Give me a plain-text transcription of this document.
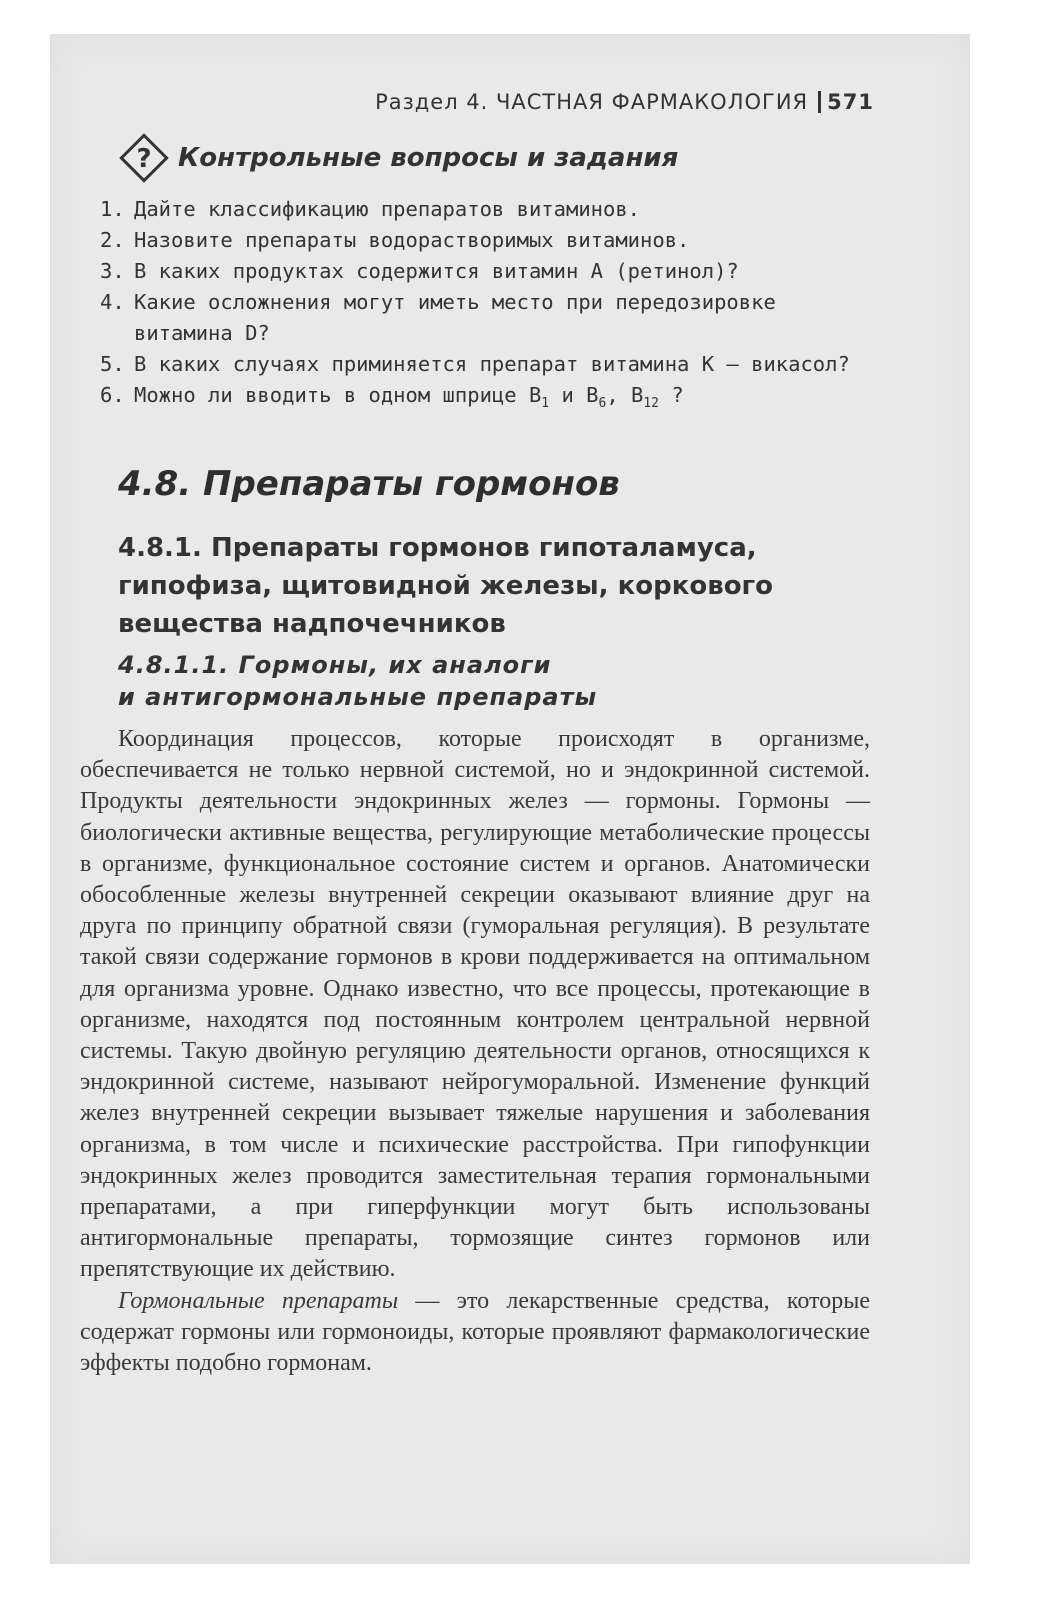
Раздел 4. ЧАСТНАЯ ФАРМАКОЛОГИЯ 571
? Контрольные вопросы и задания
1. Дайте классификацию препаратов витаминов.
2. Назовите препараты водорастворимых витаминов.
3. В каких продуктах содержится витамин А (ретинол)?
4. Какие осложнения могут иметь место при передозировке витамина D?
5. В каких случаях приминяется препарат витамина К — викасол?
6. Можно ли вводить в одном шприце $В_1$ и $В_6$, $В_{12}$ ?
4.8. Препараты гормонов
4.8.1. Препараты гормонов гипоталамуса, гипофиза, щитовидной железы, коркового вещества надпочечников
4.8.1.1. Гормоны, их аналоги
и антигормональные препараты

Координация процессов, которые происходят в организме, обеспечивается не только нервной системой, но и эндокринной системой. Продукты деятельности эндокринных желез — гормоны. Гормоны — биологически активные вещества, регулирующие метаболические процессы в организме, функциональное состояние систем и органов. Анатомически обособленные железы внутренней секреции оказывают влияние друг на друга по принципу обратной связи (гуморальная регуляция). В результате такой связи содержание гормонов в крови поддерживается на оптимальном для организма уровне. Однако известно, что все процессы, протекающие в организме, находятся под постоянным контролем центральной нервной системы. Такую двойную регуляцию деятельности органов, относящихся к эндокринной системе, называют нейрогуморальной. Изменение функций желез внутренней секреции вызывает тяжелые нарушения и заболевания организма, в том числе и психические расстройства. При гипофункции эндокринных желез проводится заместительная терапия гормональными препаратами, а при гиперфункции могут быть использованы антигормональные препараты, тормозящие синтез гормонов или препятствующие их действию.

Гормональные препараты — это лекарственные средства, которые содержат гормоны или гормоноиды, которые проявляют фармакологические эффекты подобно гормонам.
